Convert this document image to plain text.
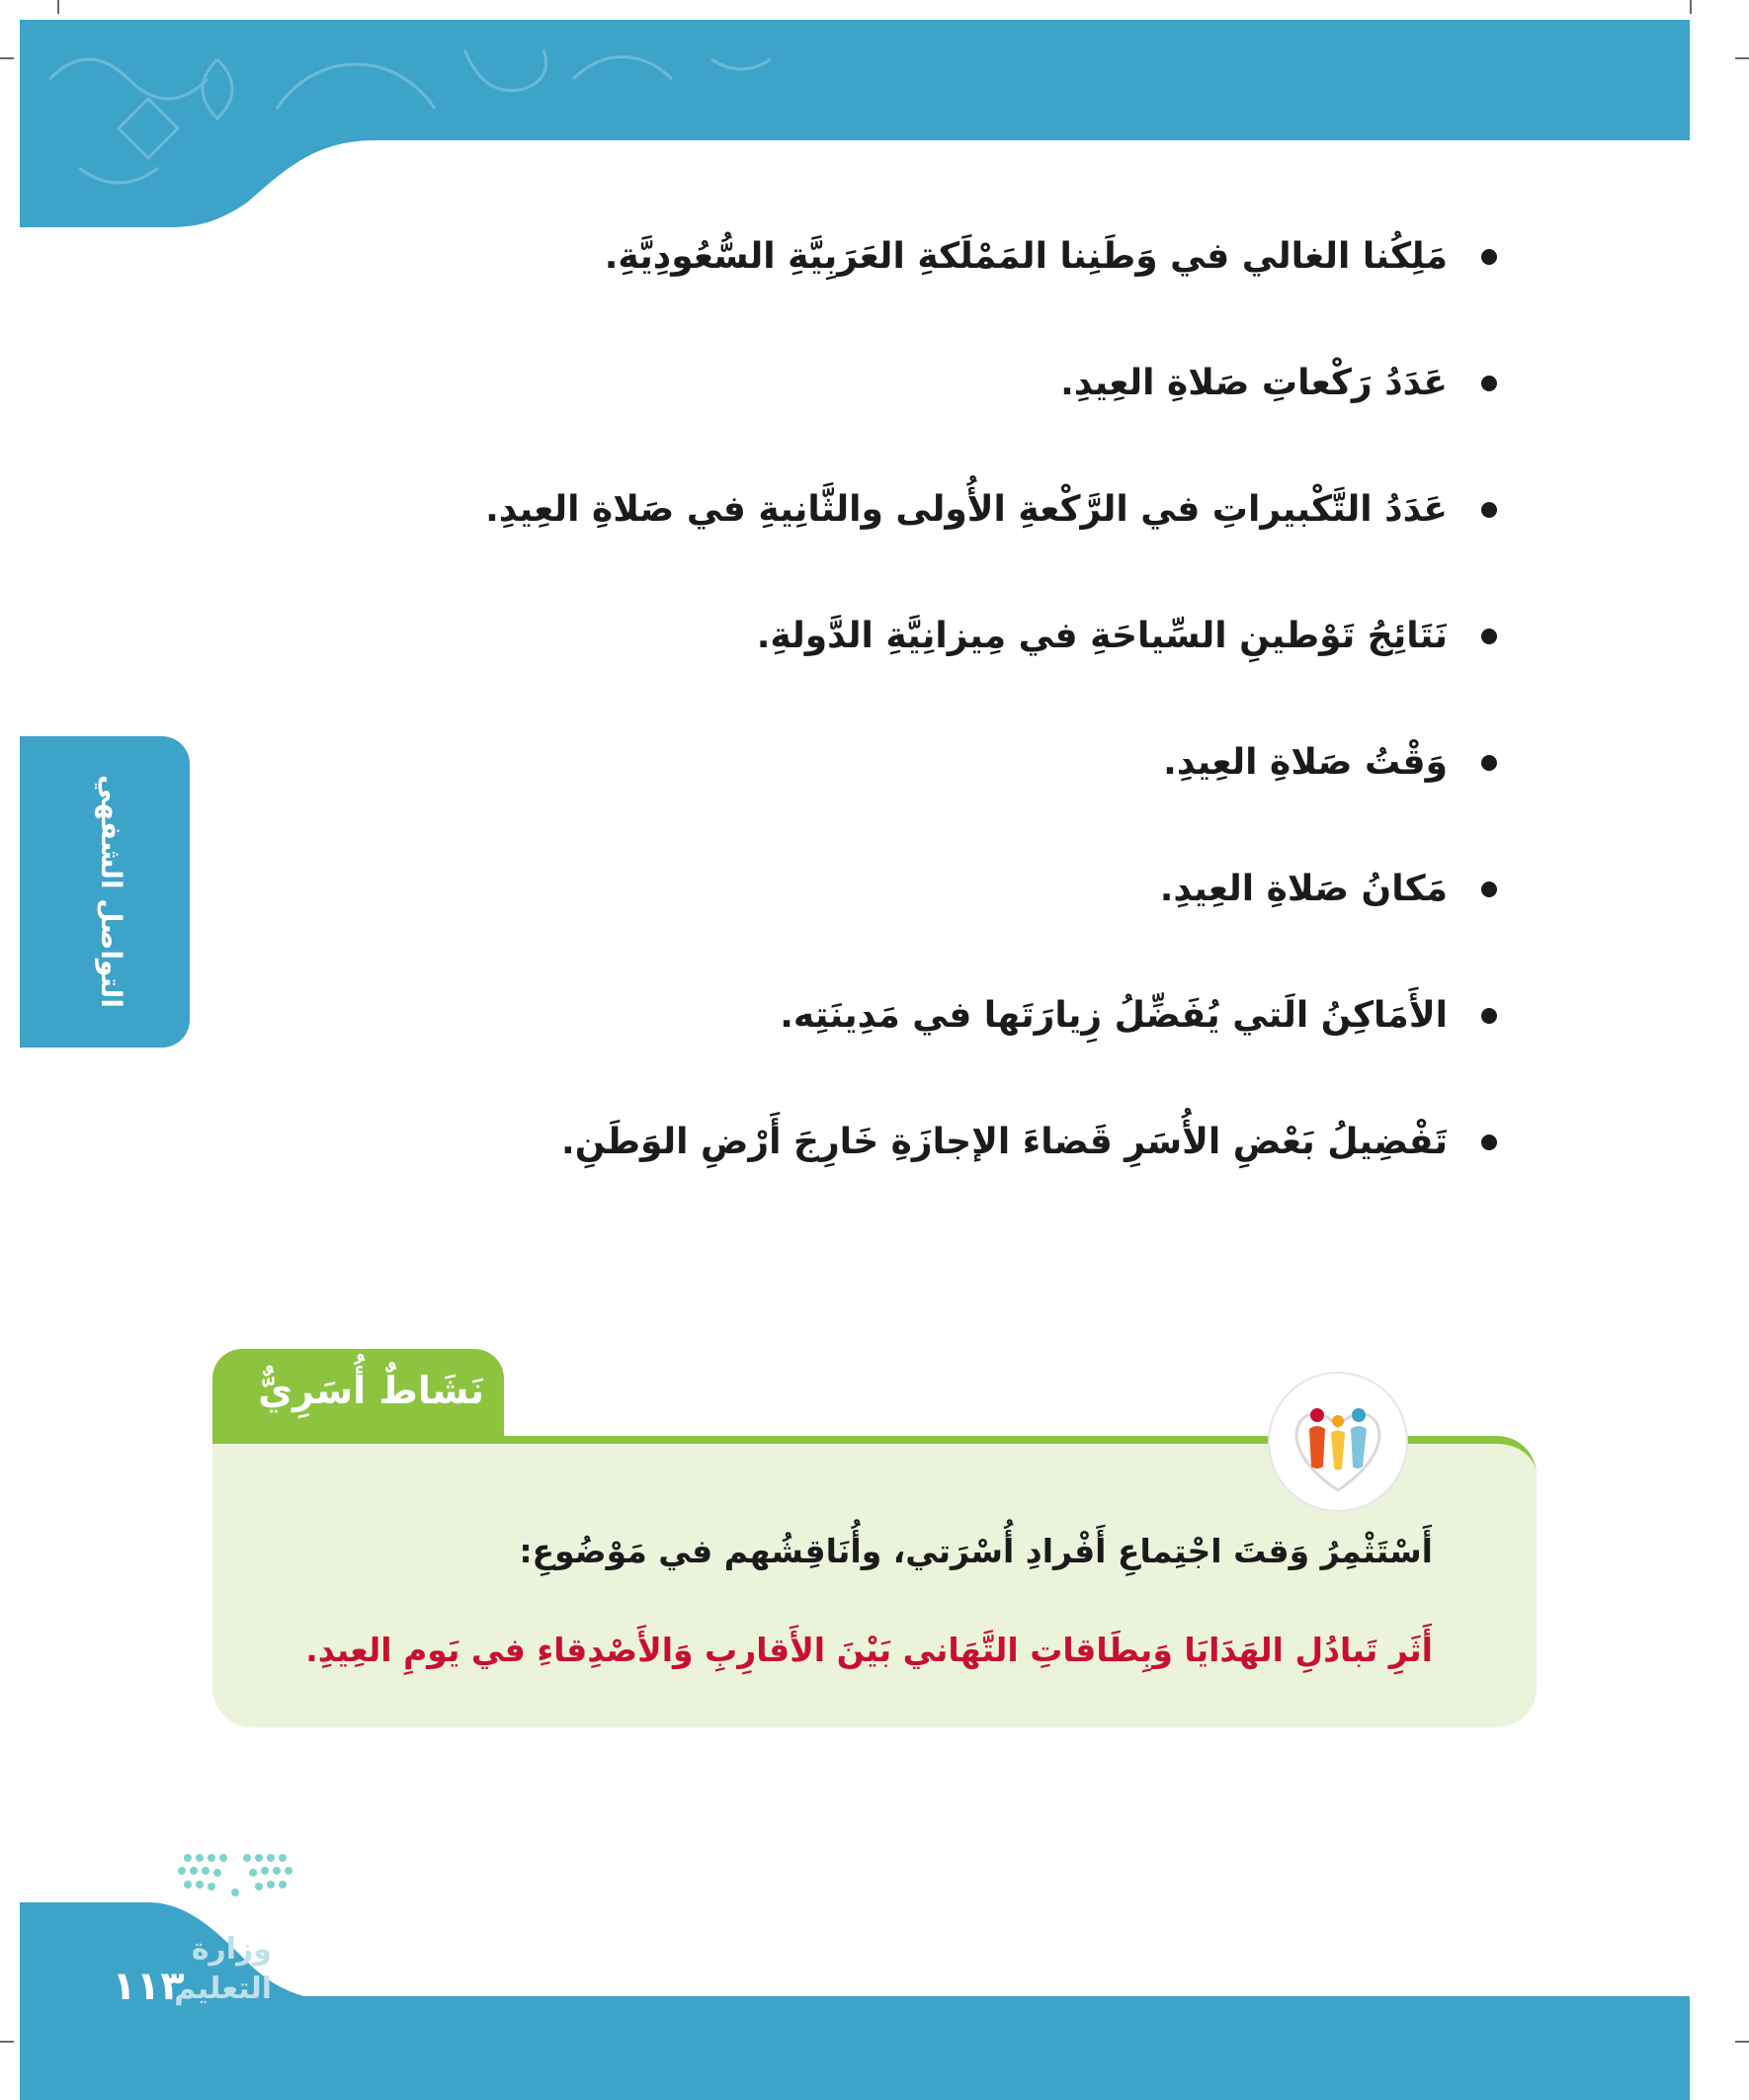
التواصل الشفهي
مَلِكُنا الغالي في وَطَنِنا المَمْلَكةِ العَرَبِيَّةِ السُّعُودِيَّةِ.
عَدَدُ رَكْعاتِ صَلاةِ العِيدِ.
عَدَدُ التَّكْبيراتِ في الرَّكْعةِ الأُولى والثَّانِيةِ في صَلاةِ العِيدِ.
نَتَائِجُ تَوْطينِ السِّياحَةِ في مِيزانِيَّةِ الدَّولةِ.
وَقْتُ صَلاةِ العِيدِ.
مَكانُ صَلاةِ العِيدِ.
الأَمَاكِنُ الَتي يُفَضِّلُ زِيارَتَها في مَدِينَتِه.
تَفْضِيلُ بَعْضِ الأُسَرِ قَضاءَ الإجازَةِ خَارِجَ أَرْضِ الوَطَنِ.
نَشَاطٌ أُسَرِيٌّ
أَسْتَثْمِرُ وَقتَ اجْتِماعِ أَفْرادِ أُسْرَتي، وأُنَاقِشُهم في مَوْضُوعِ:
أَثَرِ تَبادُلِ الهَدَايَا وَبِطَاقاتِ التَّهَاني بَيْنَ الأَقارِبِ وَالأَصْدِقاءِ في يَومِ العِيدِ.
وزارة التعليم
١١٣
